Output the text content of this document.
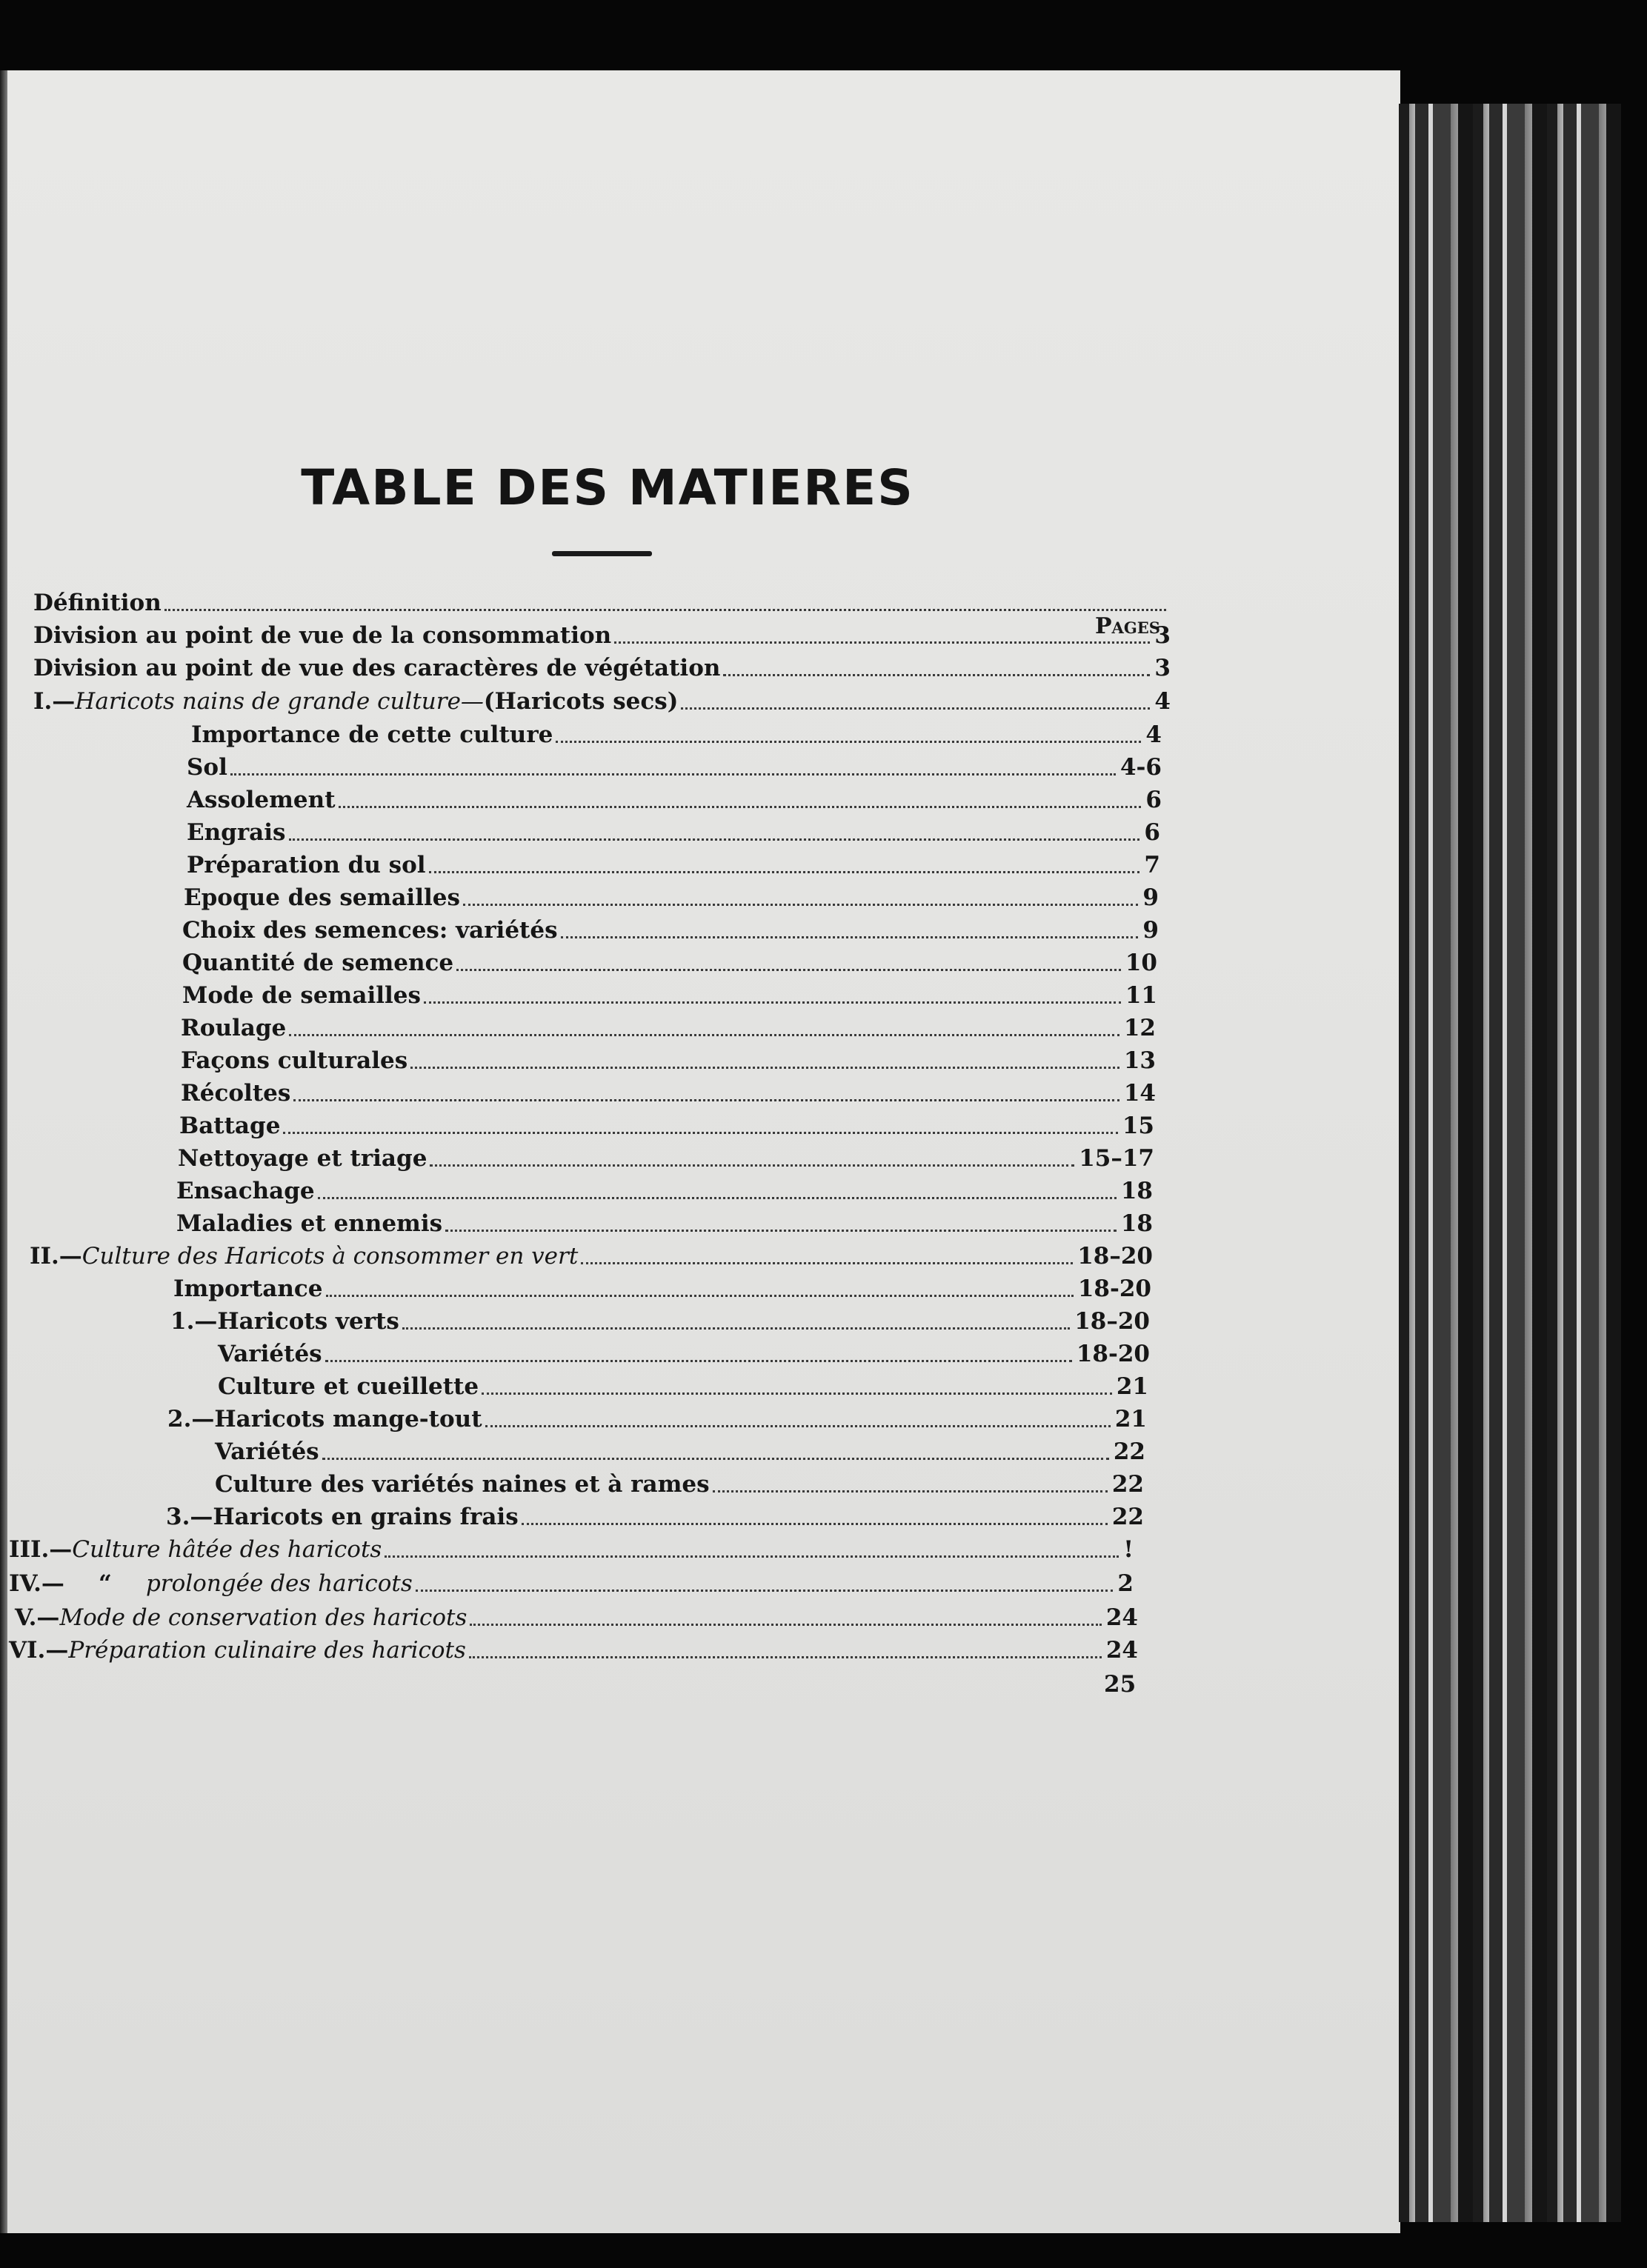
TABLE DES MATIERES
Pages
Définition
Division au point de vue de la consommation	3
Division au point de vue des caractères de végétation	3
I.—Haricots nains de grande culture—(Haricots secs)	4
Importance de cette culture	4
Sol	4-6
Assolement	6
Engrais	6
Préparation du sol	7
Epoque des semailles	9
Choix des semences: variétés	9
Quantité de semence	10
Mode de semailles	11
Roulage	12
Façons culturales	13
Récoltes	14
Battage	15
Nettoyage et triage	15–17
Ensachage	18
Maladies et ennemis	18
II.—Culture des Haricots à consommer en vert	18–20
Importance	18-20
1.—Haricots verts	18–20
Variétés	18-20
Culture et cueillette	21
2.—Haricots mange-tout	21
Variétés	22
Culture des variétés naines et à rames	22
3.—Haricots en grains frais	22
III.—Culture hâtée des haricots	!
IV.— “ prolongée des haricots	2
V.—Mode de conservation des haricots	24
VI.—Préparation culinaire des haricots	24
25
